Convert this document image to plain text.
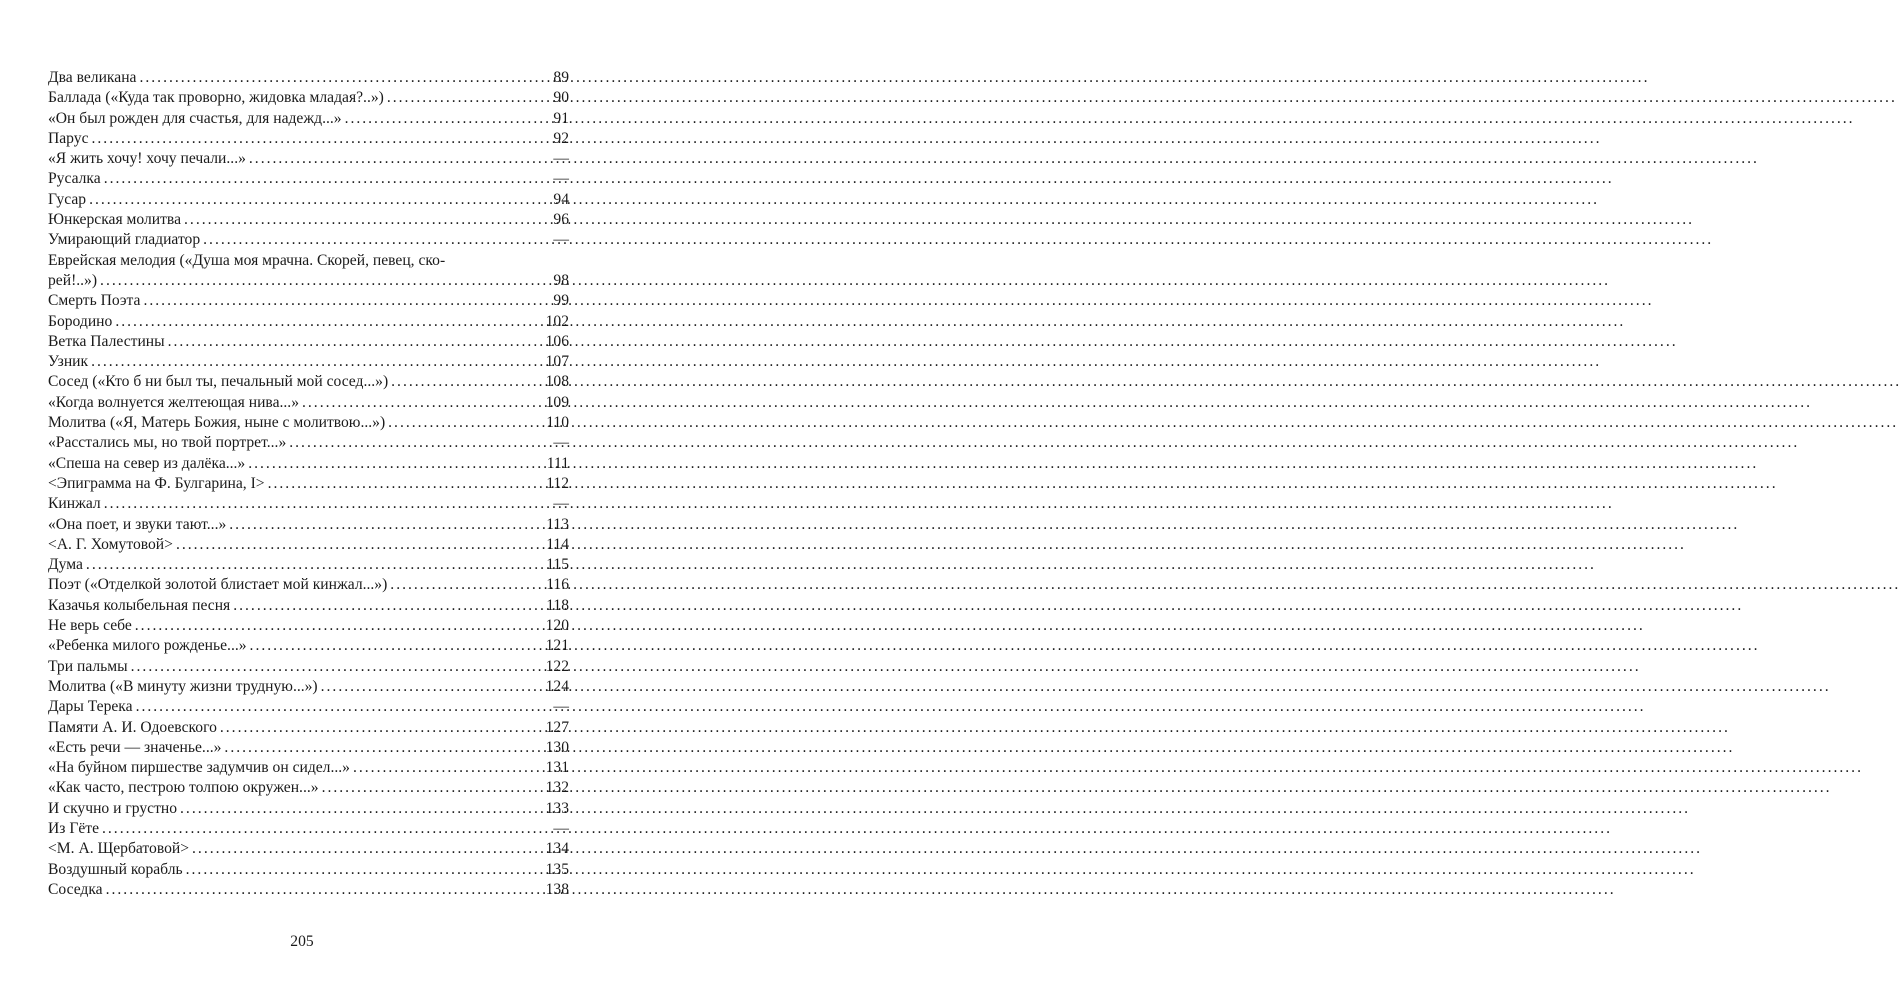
Два великана .....	89
Баллада («Куда так проворно, жидовка младая?..») .....	90
«Он был рожден для счастья, для надежд...» .....	91
Парус .....	92
«Я жить хочу! хочу печали...» .....	—
Русалка .....	—
Гусар .....	94
Юнкерская молитва .....	96
Умирающий гладиатор .....	—
Еврейская мелодия («Душа моя мрачна. Скорей, певец, ско-
рей!..») .....	98
Смерть Поэта .....	99
Бородино .....	102
Ветка Палестины .....	106
Узник .....	107
Сосед («Кто б ни был ты, печальный мой сосед...») .....	108
«Когда волнуется желтеющая нива...» .....	109
Молитва («Я, Матерь Божия, ныне с молитвою...») .....	110
«Расстались мы, но твой портрет...» .....	—
«Спеша на север из далёка...» .....	111
<Эпиграмма на Ф. Булгарина, I> .....	112
Кинжал .....	—
«Она поет, и звуки тают...» .....	113
<А. Г. Хомутовой> .....	114
Дума .....	115
Поэт («Отделкой золотой блистает мой кинжал...») .....	116
Казачья колыбельная песня .....	118
Не верь себе .....	120
«Ребенка милого рожденье...» .....	121
Три пальмы .....	122
Молитва («В минуту жизни трудную...») .....	124
Дары Терека .....	—
Памяти А. И. Одоевского .....	127
«Есть речи — значенье...» .....	130
«На буйном пиршестве задумчив он сидел...» .....	131
«Как часто, пестрою толпою окружен...» .....	132
И скучно и грустно .....	133
Из Гёте .....	—
<М. А. Щербатовой> .....	134
Воздушный корабль .....	135
Соседка .....	138
205
